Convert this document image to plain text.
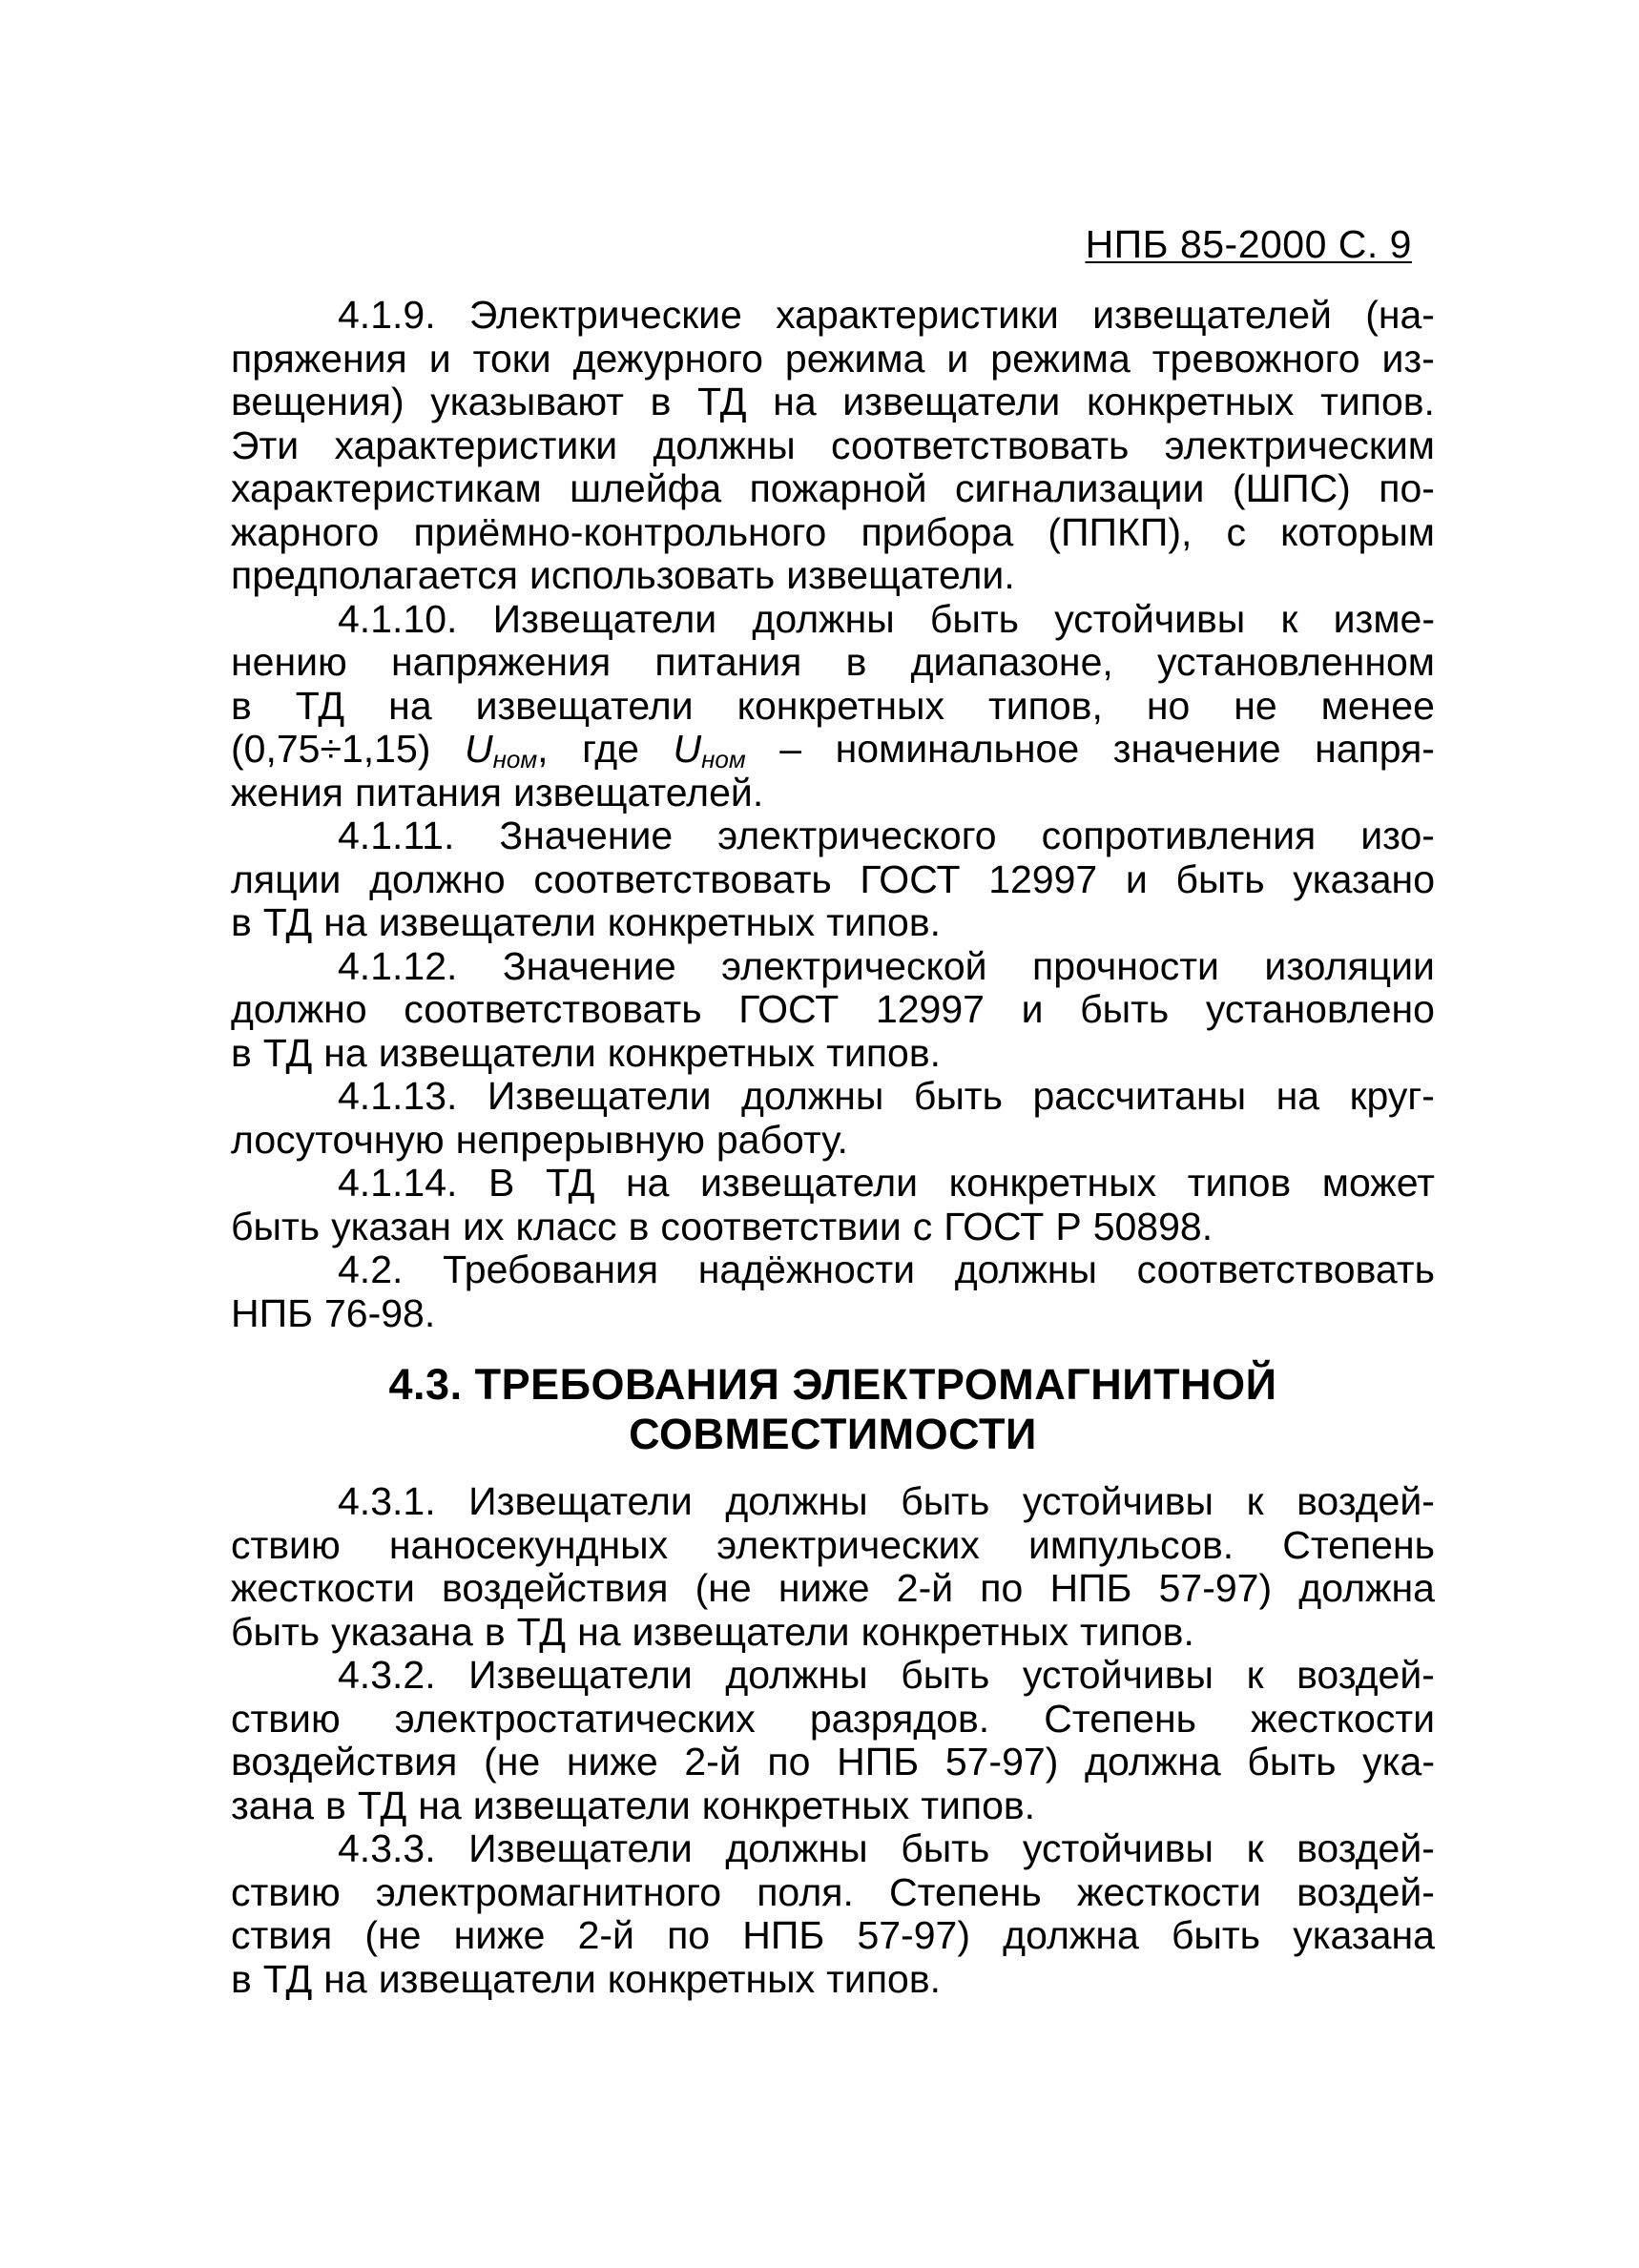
НПБ 85-2000 С. 9
4.1.9. Электрические характеристики извещателей (на-
пряжения и токи дежурного режима и режима тревожного из-
вещения) указывают в ТД на извещатели конкретных типов.
Эти характеристики должны соответствовать электрическим
характеристикам шлейфа пожарной сигнализации (ШПС) по-
жарного приёмно-контрольного прибора (ППКП), с которым
предполагается использовать извещатели.
4.1.10. Извещатели должны быть устойчивы к изме-
нению напряжения питания в диапазоне, установленном
в ТД на извещатели конкретных типов, но не менее
(0,75÷1,15) $U_{ном}$, где $U_{ном}$ – номинальное значение напря-
жения питания извещателей.
4.1.11. Значение электрического сопротивления изо-
ляции должно соответствовать ГОСТ 12997 и быть указано
в ТД на извещатели конкретных типов.
4.1.12. Значение электрической прочности изоляции
должно соответствовать ГОСТ 12997 и быть установлено
в ТД на извещатели конкретных типов.
4.1.13. Извещатели должны быть рассчитаны на круг-
лосуточную непрерывную работу.
4.1.14. В ТД на извещатели конкретных типов может
быть указан их класс в соответствии с ГОСТ Р 50898.
4.2. Требования надёжности должны соответствовать
НПБ 76-98.
4.3. ТРЕБОВАНИЯ ЭЛЕКТРОМАГНИТНОЙ
СОВМЕСТИМОСТИ
4.3.1. Извещатели должны быть устойчивы к воздей-
ствию наносекундных электрических импульсов. Степень
жесткости воздействия (не ниже 2-й по НПБ 57-97) должна
быть указана в ТД на извещатели конкретных типов.
4.3.2. Извещатели должны быть устойчивы к воздей-
ствию электростатических разрядов. Степень жесткости
воздействия (не ниже 2-й по НПБ 57-97) должна быть ука-
зана в ТД на извещатели конкретных типов.
4.3.3. Извещатели должны быть устойчивы к воздей-
ствию электромагнитного поля. Степень жесткости воздей-
ствия (не ниже 2-й по НПБ 57-97) должна быть указана
в ТД на извещатели конкретных типов.
